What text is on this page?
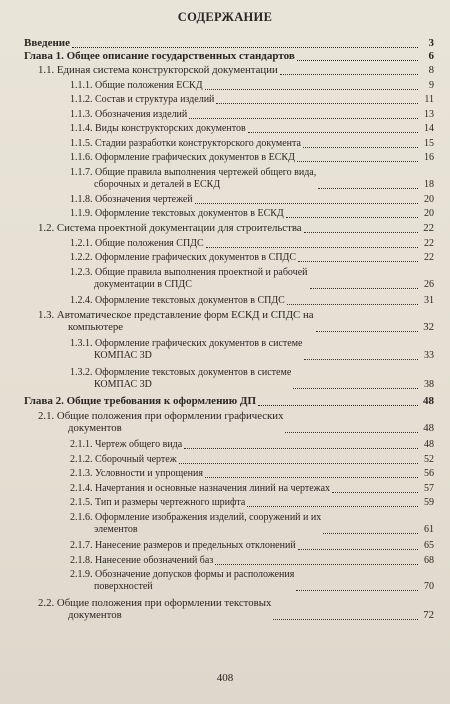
СОДЕРЖАНИЕ
Введение	3
Глава 1. Общее описание государственных стандартов	6
1.1. Единая система конструкторской документации	8
1.1.1. Общие положения ЕСКД	9
1.1.2. Состав и структура изделий	11
1.1.3. Обозначения изделий	13
1.1.4. Виды конструкторских документов	14
1.1.5. Стадии разработки конструкторского документа	15
1.1.6. Оформление графических документов в ЕСКД	16
1.1.7. Общие правила выполнения чертежей общего вида,
сборочных и деталей в ЕСКД	18
1.1.8. Обозначения чертежей	20
1.1.9. Оформление текстовых документов в ЕСКД	20
1.2. Система проектной документации для строительства	22
1.2.1. Общие положения СПДС	22
1.2.2. Оформление графических документов в СПДС	22
1.2.3. Общие правила выполнения проектной и рабочей
документации в СПДС	26
1.2.4. Оформление текстовых документов в СПДС	31
1.3. Автоматическое представление форм ЕСКД и СПДС на
компьютере	32
1.3.1. Оформление графических документов в системе
КОМПАС 3D	33
1.3.2. Оформление текстовых документов в системе
КОМПАС 3D	38
Глава 2. Общие требования к оформлению ДП	48
2.1. Общие положения при оформлении графических
документов	48
2.1.1. Чертеж общего вида	48
2.1.2. Сборочный чертеж	52
2.1.3. Условности и упрощения	56
2.1.4. Начертания и основные назначения линий на чертежах	57
2.1.5. Тип и размеры чертежного шрифта	59
2.1.6. Оформление изображения изделий, сооружений и их
элементов	61
2.1.7. Нанесение размеров и предельных отклонений	65
2.1.8. Нанесение обозначений баз	68
2.1.9. Обозначение допусков формы и расположения
поверхностей	70
2.2. Общие положения при оформлении текстовых
документов	72
408
